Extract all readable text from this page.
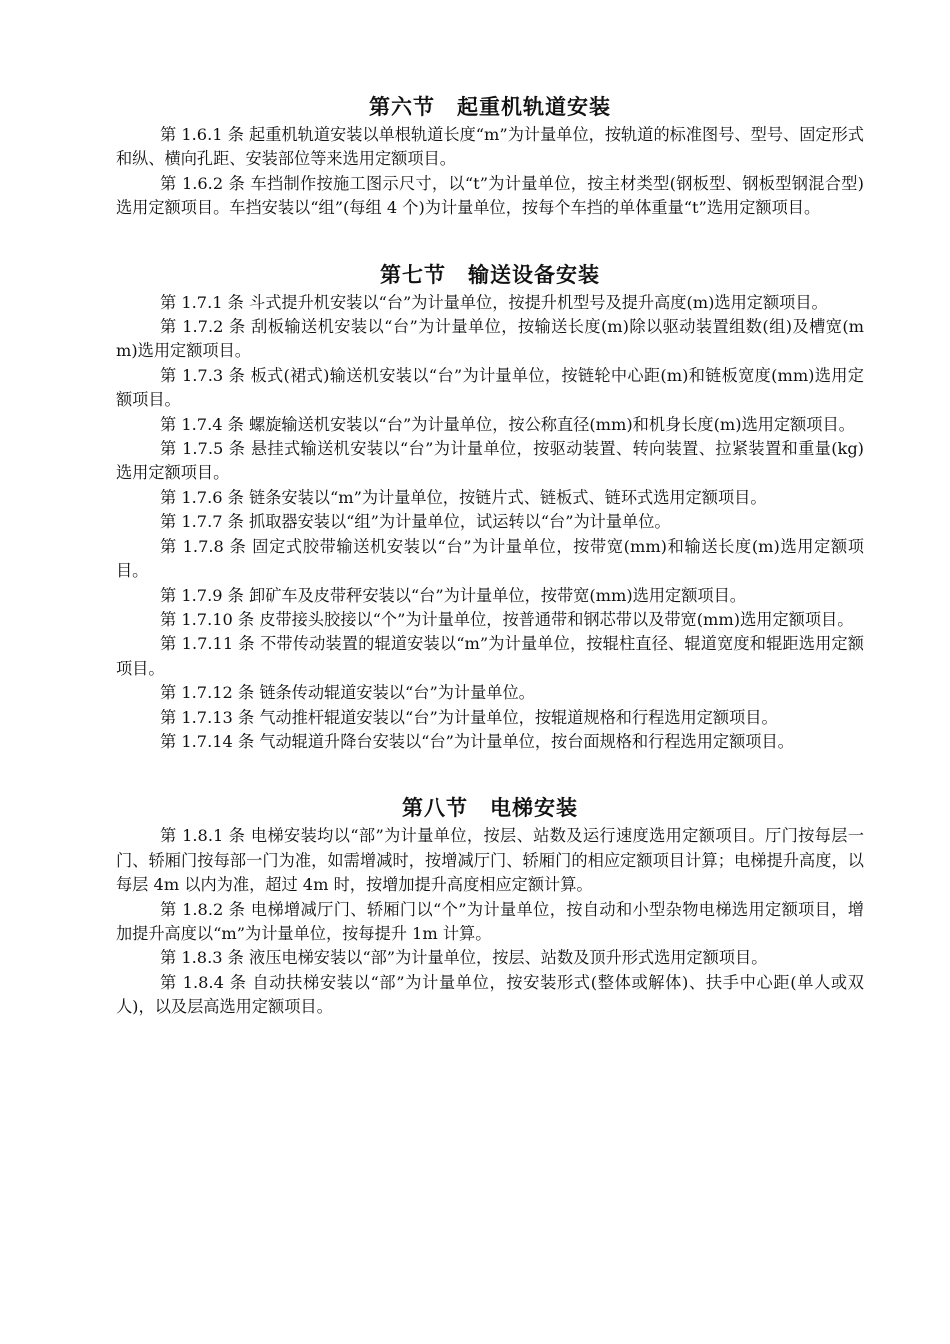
第六节　起重机轨道安装

第 1.6.1 条 起重机轨道安装以单根轨道长度“m”为计量单位，按轨道的标准图号、型号、固定形式和纵、横向孔距、安装部位等来选用定额项目。

第 1.6.2 条 车挡制作按施工图示尺寸，以“t”为计量单位，按主材类型(钢板型、钢板型钢混合型)选用定额项目。车挡安装以“组”(每组 4 个)为计量单位，按每个车挡的单体重量“t”选用定额项目。

第七节　输送设备安装

第 1.7.1 条 斗式提升机安装以“台”为计量单位，按提升机型号及提升高度(m)选用定额项目。

第 1.7.2 条 刮板输送机安装以“台”为计量单位，按输送长度(m)除以驱动装置组数(组)及槽宽(mm)选用定额项目。

第 1.7.3 条 板式(裙式)输送机安装以“台”为计量单位，按链轮中心距(m)和链板宽度(mm)选用定额项目。

第 1.7.4 条 螺旋输送机安装以“台”为计量单位，按公称直径(mm)和机身长度(m)选用定额项目。

第 1.7.5 条 悬挂式输送机安装以“台”为计量单位，按驱动装置、转向装置、拉紧装置和重量(kg)选用定额项目。

第 1.7.6 条 链条安装以“m”为计量单位，按链片式、链板式、链环式选用定额项目。

第 1.7.7 条 抓取器安装以“组”为计量单位，试运转以“台”为计量单位。

第 1.7.8 条 固定式胶带输送机安装以“台”为计量单位，按带宽(mm)和输送长度(m)选用定额项目。

第 1.7.9 条 卸矿车及皮带秤安装以“台”为计量单位，按带宽(mm)选用定额项目。

第 1.7.10 条 皮带接头胶接以“个”为计量单位，按普通带和钢芯带以及带宽(mm)选用定额项目。

第 1.7.11 条 不带传动装置的辊道安装以“m”为计量单位，按辊柱直径、辊道宽度和辊距选用定额项目。

第 1.7.12 条 链条传动辊道安装以“台”为计量单位。

第 1.7.13 条 气动推杆辊道安装以“台”为计量单位，按辊道规格和行程选用定额项目。

第 1.7.14 条 气动辊道升降台安装以“台”为计量单位，按台面规格和行程选用定额项目。

第八节　电梯安装

第 1.8.1 条 电梯安装均以“部”为计量单位，按层、站数及运行速度选用定额项目。厅门按每层一门、轿厢门按每部一门为准，如需增减时，按增减厅门、轿厢门的相应定额项目计算；电梯提升高度，以每层 4m 以内为准，超过 4m 时，按增加提升高度相应定额计算。

第 1.8.2 条 电梯增减厅门、轿厢门以“个”为计量单位，按自动和小型杂物电梯选用定额项目，增加提升高度以“m”为计量单位，按每提升 1m 计算。

第 1.8.3 条 液压电梯安装以“部”为计量单位，按层、站数及顶升形式选用定额项目。

第 1.8.4 条 自动扶梯安装以“部”为计量单位，按安装形式(整体或解体)、扶手中心距(单人或双人)，以及层高选用定额项目。
